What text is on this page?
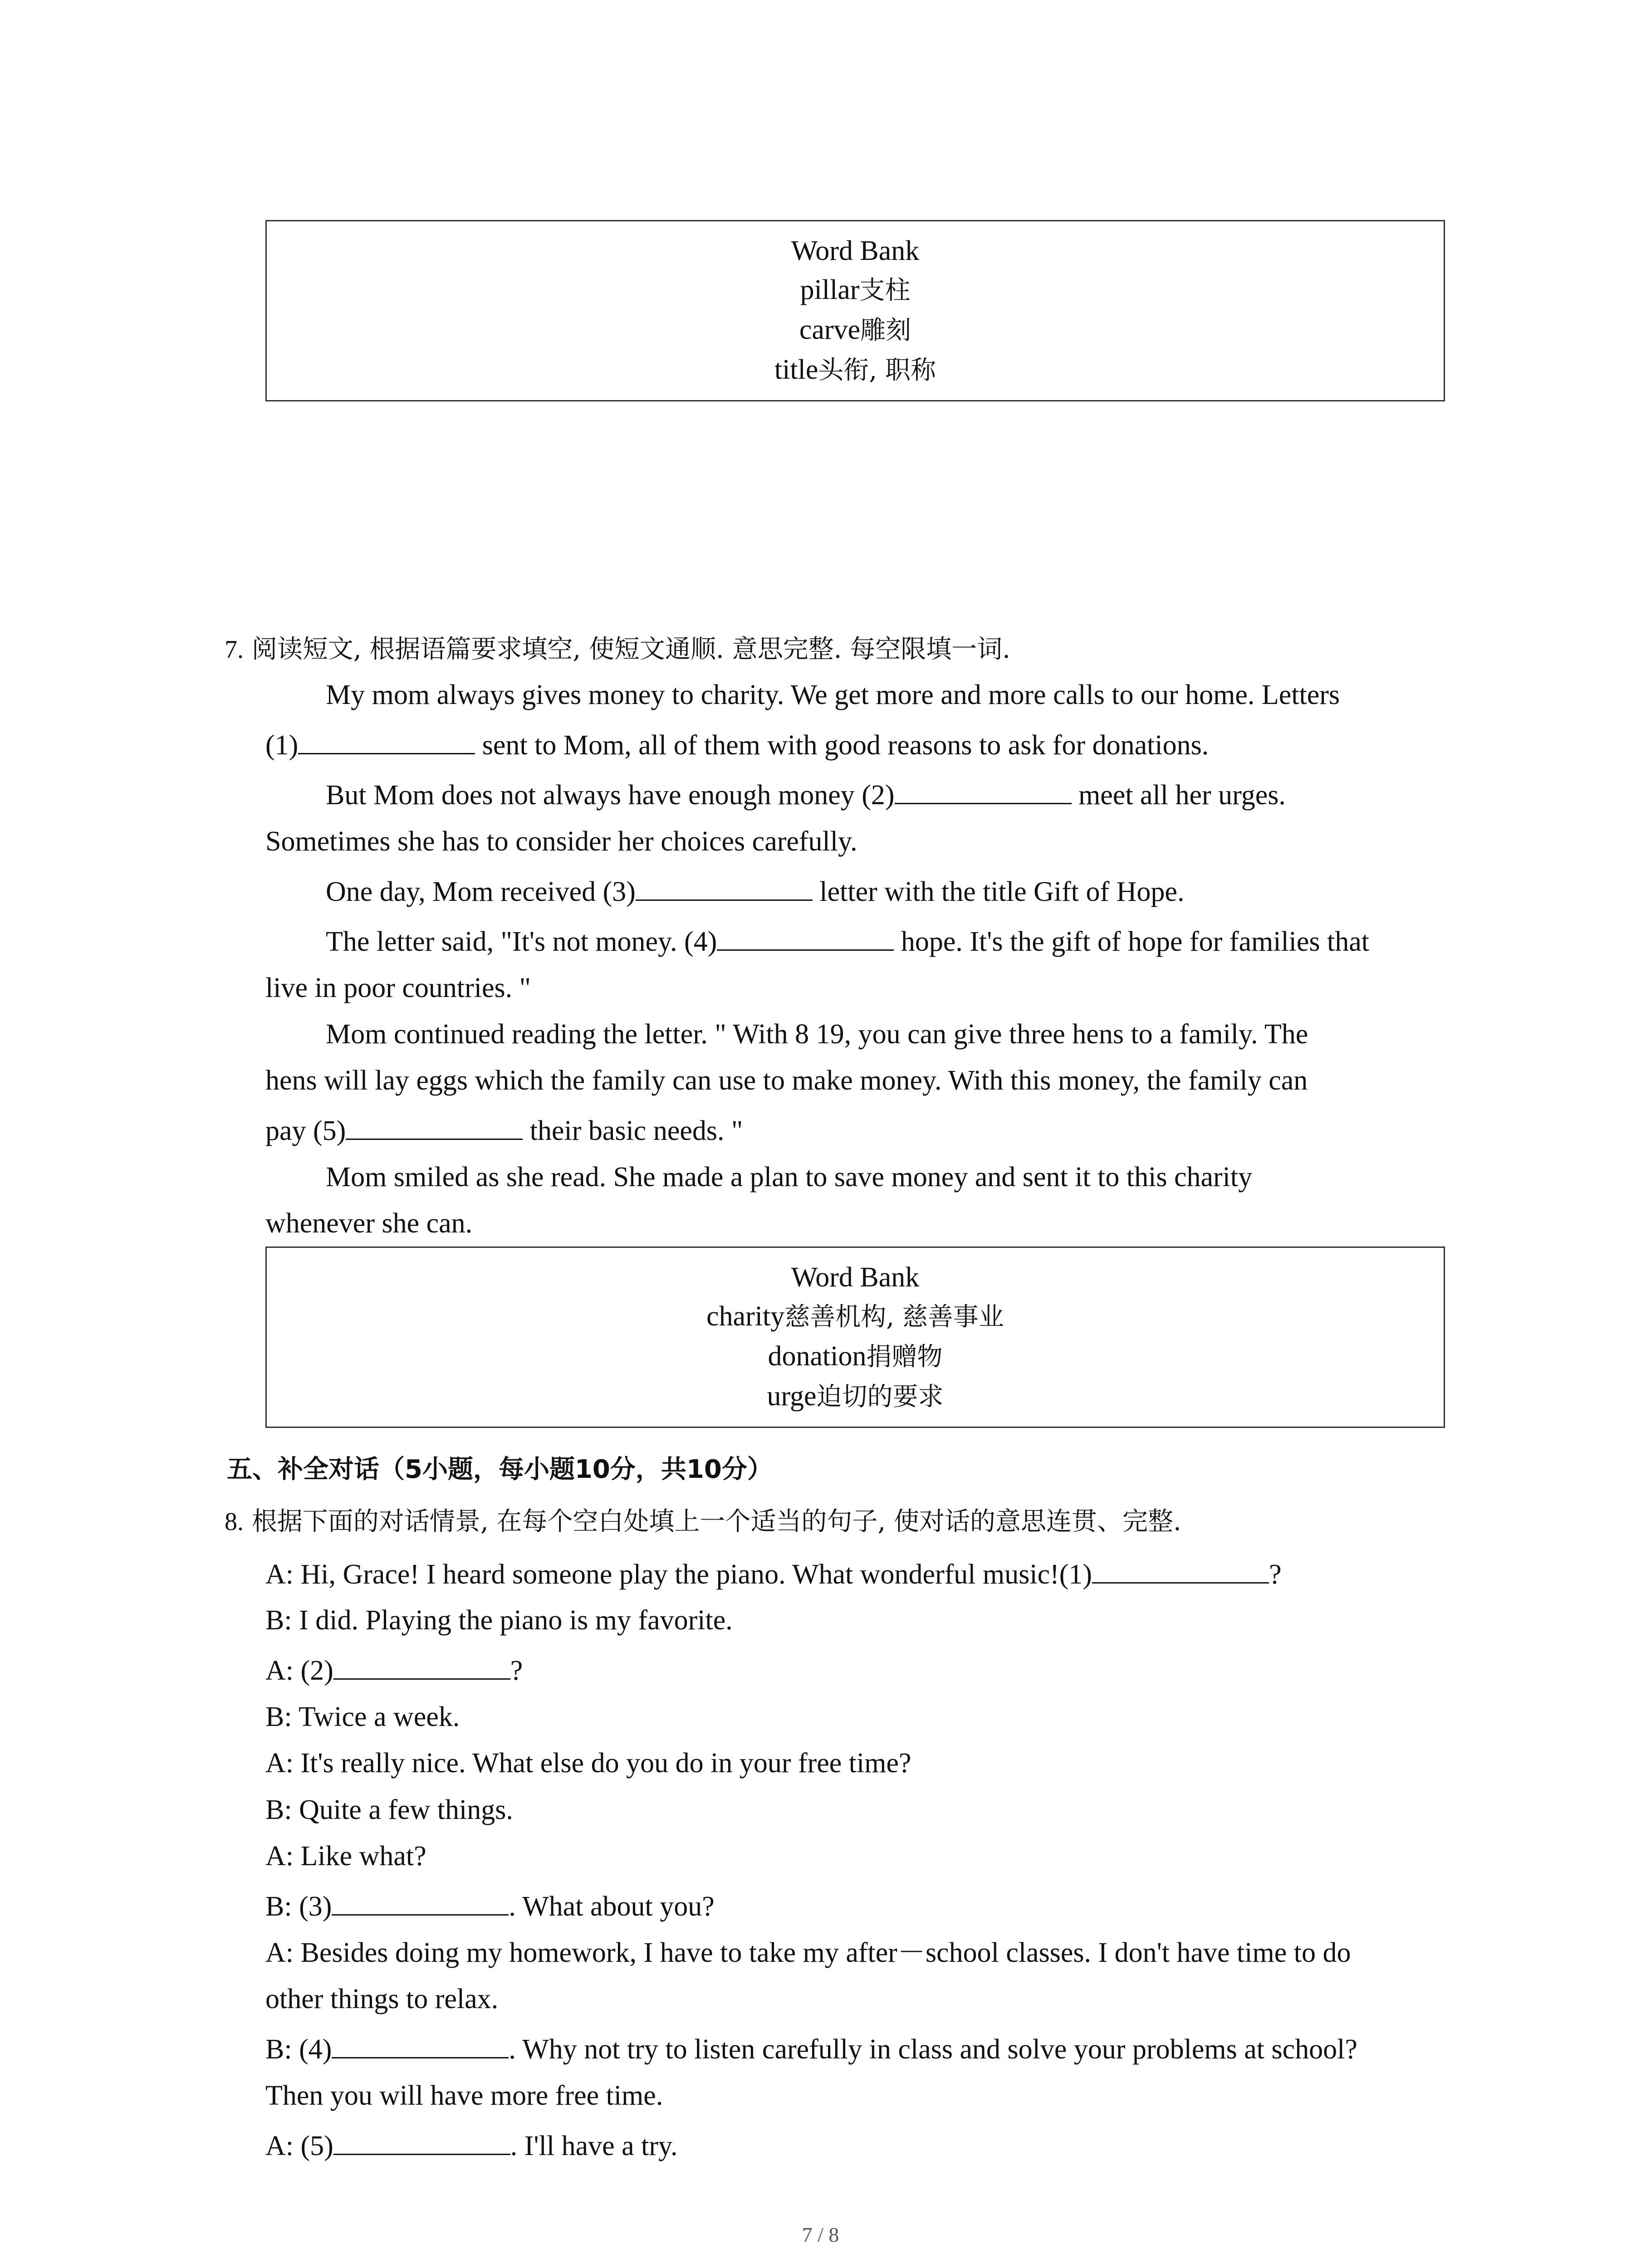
Word Bank
pillar支柱
carve雕刻
title头衔, 职称
7. 阅读短文, 根据语篇要求填空, 使短文通顺. 意思完整. 每空限填一词.
My mom always gives money to charity. We get more and more calls to our home. Letters
(1)	sent to Mom, all of them with good reasons to ask for donations.
But Mom does not always have enough money (2)	meet all her urges.
Sometimes she has to consider her choices carefully.
One day, Mom received (3)	letter with the title Gift of Hope.
The letter said, "It's not money. (4)	hope. It's the gift of hope for families that
live in poor countries. "
Mom continued reading the letter. " With 8 19, you can give three hens to a family. The
hens will lay eggs which the family can use to make money. With this money, the family can
pay (5)	their basic needs. "
Mom smiled as she read. She made a plan to save money and sent it to this charity
whenever she can.
Word Bank
charity慈善机构, 慈善事业
donation捐赠物
urge迫切的要求
五、补全对话（5小题，每小题10分，共10分）
8. 根据下面的对话情景, 在每个空白处填上一个适当的句子, 使对话的意思连贯、完整.
A: Hi, Grace! I heard someone play the piano. What wonderful music!(1)	?
B: I did. Playing the piano is my favorite.
A: (2)	?
B: Twice a week.
A: It's really nice. What else do you do in your free time?
B: Quite a few things.
A: Like what?
B: (3)	. What about you?
A: Besides doing my homework, I have to take my after－school classes. I don't have time to do
other things to relax.
B: (4)	. Why not try to listen carefully in class and solve your problems at school?
Then you will have more free time.
A: (5)	. I'll have a try.
7 / 8
